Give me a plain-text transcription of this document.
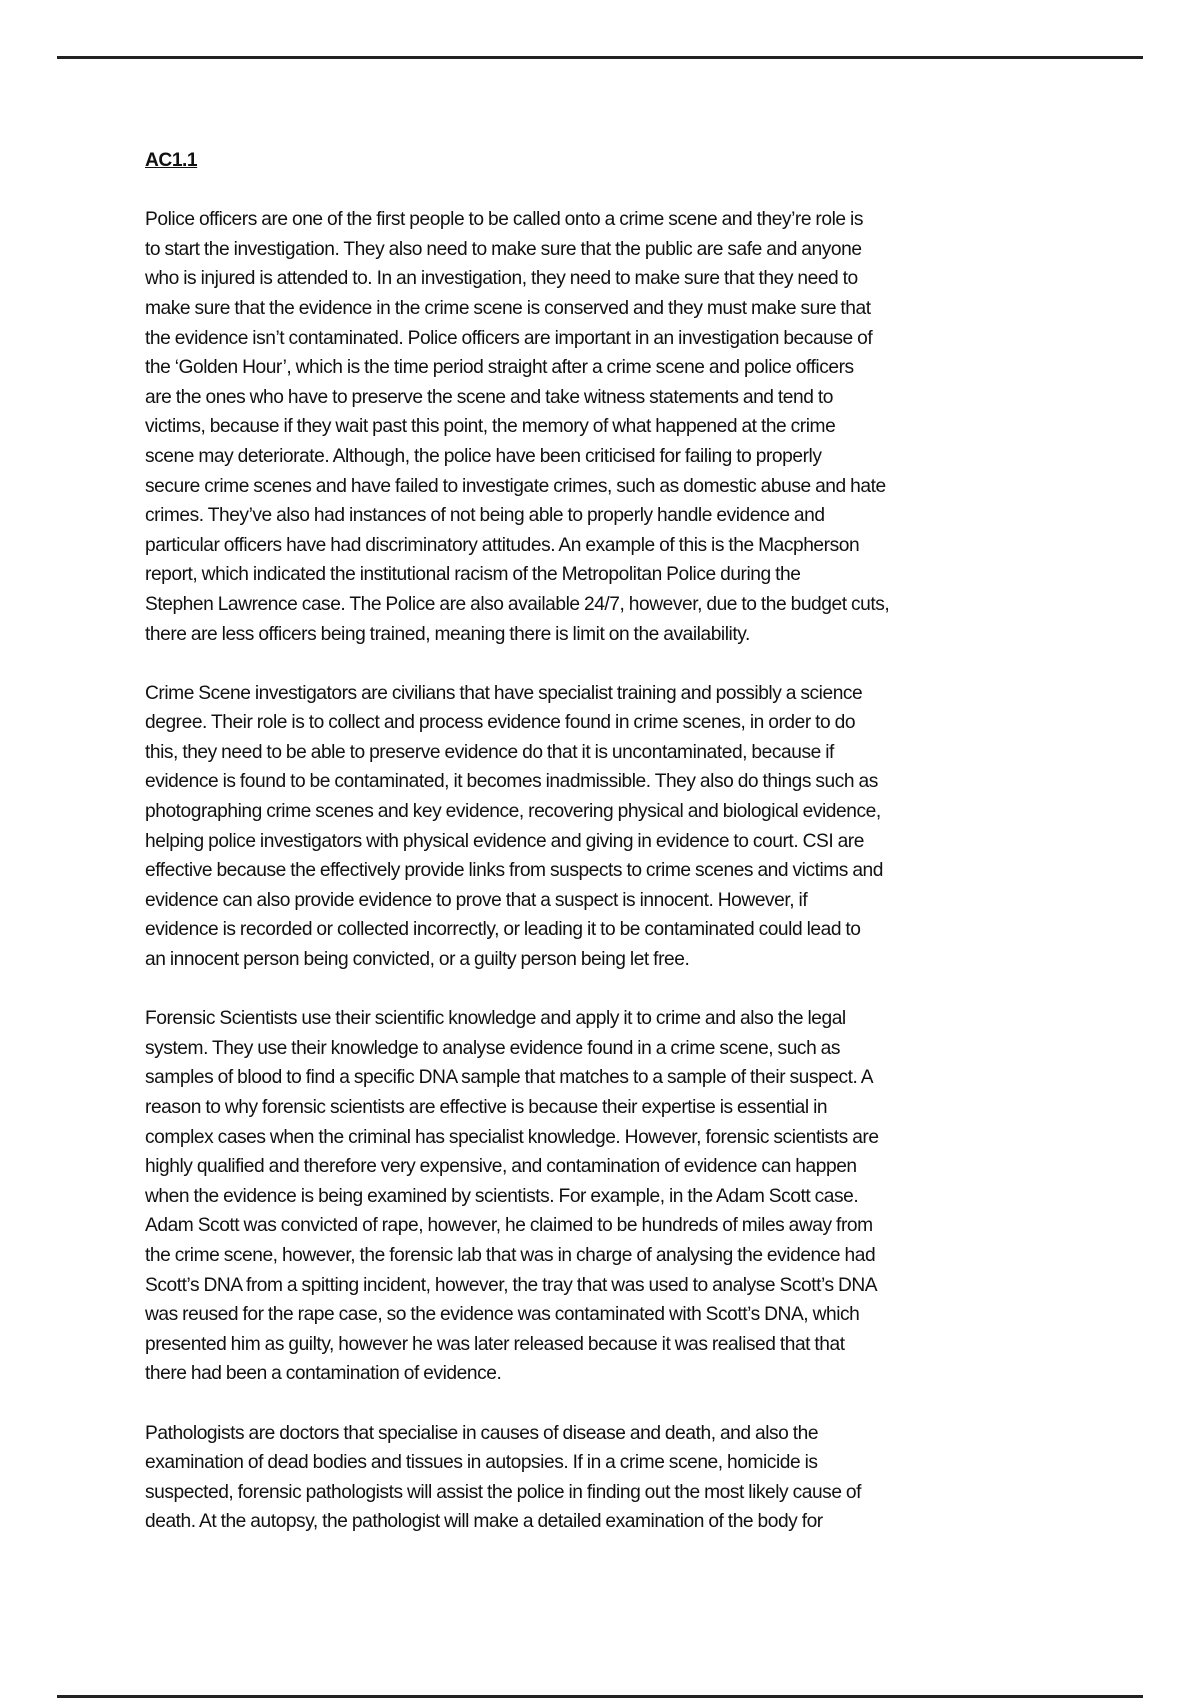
AC1.1
Police officers are one of the first people to be called onto a crime scene and they’re role is
to start the investigation. They also need to make sure that the public are safe and anyone
who is injured is attended to. In an investigation, they need to make sure that they need to
make sure that the evidence in the crime scene is conserved and they must make sure that
the evidence isn’t contaminated. Police officers are important in an investigation because of
the ‘Golden Hour’, which is the time period straight after a crime scene and police officers
are the ones who have to preserve the scene and take witness statements and tend to
victims, because if they wait past this point, the memory of what happened at the crime
scene may deteriorate. Although, the police have been criticised for failing to properly
secure crime scenes and have failed to investigate crimes, such as domestic abuse and hate
crimes. They’ve also had instances of not being able to properly handle evidence and
particular officers have had discriminatory attitudes. An example of this is the Macpherson
report, which indicated the institutional racism of the Metropolitan Police during the
Stephen Lawrence case. The Police are also available 24/7, however, due to the budget cuts,
there are less officers being trained, meaning there is limit on the availability.
Crime Scene investigators are civilians that have specialist training and possibly a science
degree. Their role is to collect and process evidence found in crime scenes, in order to do
this, they need to be able to preserve evidence do that it is uncontaminated, because if
evidence is found to be contaminated, it becomes inadmissible. They also do things such as
photographing crime scenes and key evidence, recovering physical and biological evidence,
helping police investigators with physical evidence and giving in evidence to court. CSI are
effective because the effectively provide links from suspects to crime scenes and victims and
evidence can also provide evidence to prove that a suspect is innocent. However, if
evidence is recorded or collected incorrectly, or leading it to be contaminated could lead to
an innocent person being convicted, or a guilty person being let free.
Forensic Scientists use their scientific knowledge and apply it to crime and also the legal
system. They use their knowledge to analyse evidence found in a crime scene, such as
samples of blood to find a specific DNA sample that matches to a sample of their suspect. A
reason to why forensic scientists are effective is because their expertise is essential in
complex cases when the criminal has specialist knowledge. However, forensic scientists are
highly qualified and therefore very expensive, and contamination of evidence can happen
when the evidence is being examined by scientists. For example, in the Adam Scott case.
Adam Scott was convicted of rape, however, he claimed to be hundreds of miles away from
the crime scene, however, the forensic lab that was in charge of analysing the evidence had
Scott’s DNA from a spitting incident, however, the tray that was used to analyse Scott’s DNA
was reused for the rape case, so the evidence was contaminated with Scott’s DNA, which
presented him as guilty, however he was later released because it was realised that that
there had been a contamination of evidence.
Pathologists are doctors that specialise in causes of disease and death, and also the
examination of dead bodies and tissues in autopsies. If in a crime scene, homicide is
suspected, forensic pathologists will assist the police in finding out the most likely cause of
death. At the autopsy, the pathologist will make a detailed examination of the body for
